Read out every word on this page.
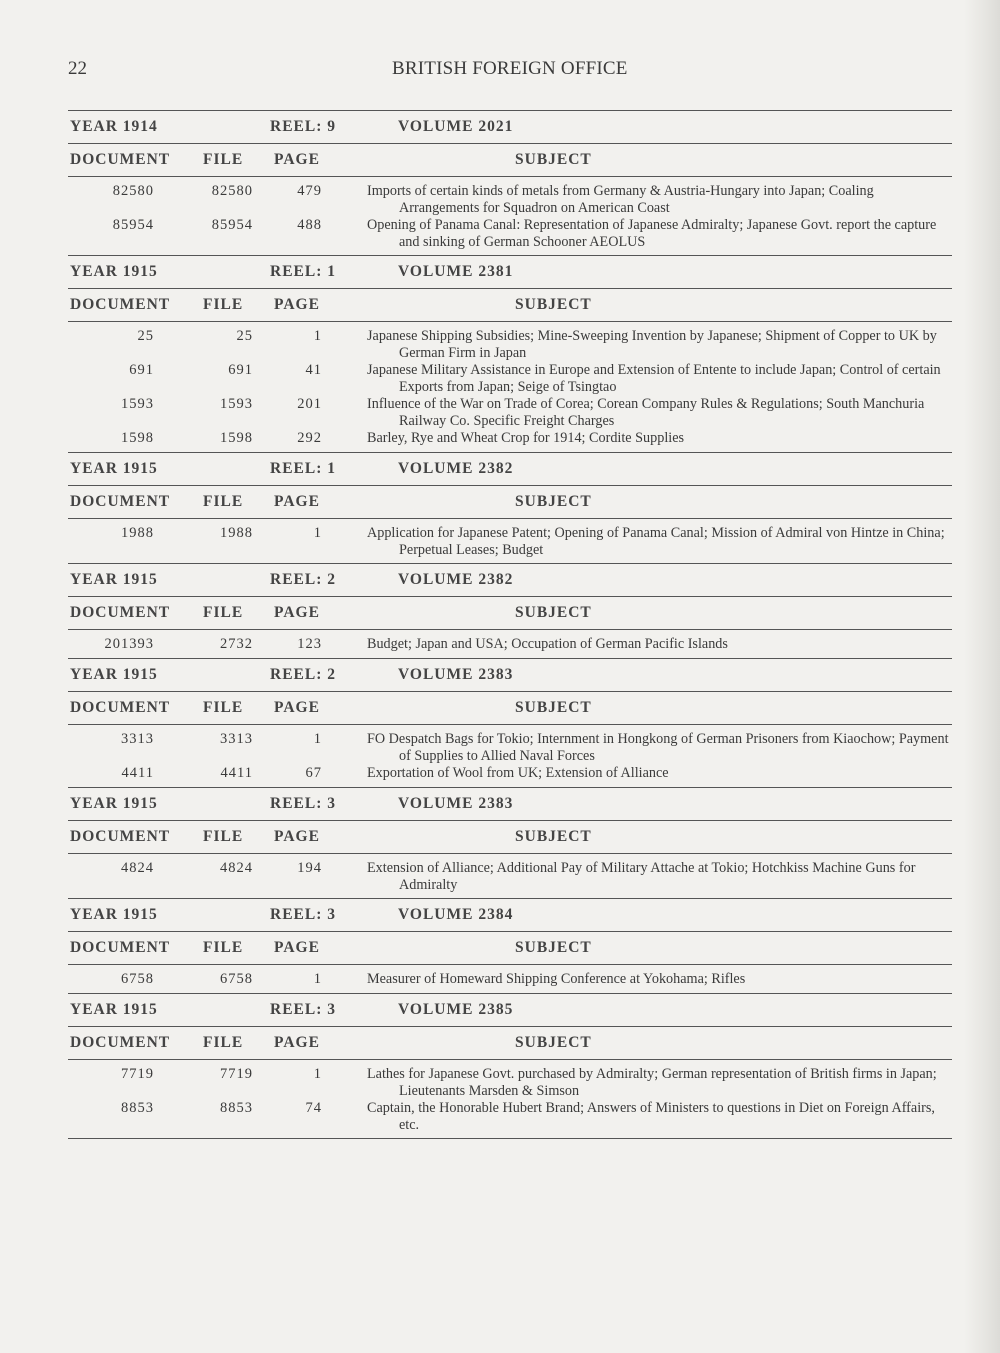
22	BRITISH FOREIGN OFFICE
YEAR 1914	REEL: 9	VOLUME 2021
DOCUMENT FILE PAGE	SUBJECT
82580	82580	479	Imports of certain kinds of metals from Germany & Austria-Hungary into Japan; Coaling Arrangements for Squadron on American Coast
85954	85954	488	Opening of Panama Canal: Representation of Japanese Admiralty; Japanese Govt. report the capture and sinking of German Schooner AEOLUS
YEAR 1915	REEL: 1	VOLUME 2381
DOCUMENT FILE PAGE	SUBJECT
25	25	1	Japanese Shipping Subsidies; Mine-Sweeping Invention by Japanese; Shipment of Copper to UK by German Firm in Japan
691	691	41	Japanese Military Assistance in Europe and Extension of Entente to include Japan; Control of certain Exports from Japan; Seige of Tsingtao
1593	1593	201	Influence of the War on Trade of Corea; Corean Company Rules & Regulations; South Manchuria Railway Co. Specific Freight Charges
1598	1598	292	Barley, Rye and Wheat Crop for 1914; Cordite Supplies
YEAR 1915	REEL: 1	VOLUME 2382
DOCUMENT FILE PAGE	SUBJECT
1988	1988	1	Application for Japanese Patent; Opening of Panama Canal; Mission of Admiral von Hintze in China; Perpetual Leases; Budget
YEAR 1915	REEL: 2	VOLUME 2382
DOCUMENT FILE PAGE	SUBJECT
201393	2732	123	Budget; Japan and USA; Occupation of German Pacific Islands
YEAR 1915	REEL: 2	VOLUME 2383
DOCUMENT FILE PAGE	SUBJECT
3313	3313	1	FO Despatch Bags for Tokio; Internment in Hongkong of German Prisoners from Kiaochow; Payment of Supplies to Allied Naval Forces
4411	4411	67	Exportation of Wool from UK; Extension of Alliance
YEAR 1915	REEL: 3	VOLUME 2383
DOCUMENT FILE PAGE	SUBJECT
4824	4824	194	Extension of Alliance; Additional Pay of Military Attache at Tokio; Hotchkiss Machine Guns for Admiralty
YEAR 1915	REEL: 3	VOLUME 2384
DOCUMENT FILE PAGE	SUBJECT
6758	6758	1	Measurer of Homeward Shipping Conference at Yokohama; Rifles
YEAR 1915	REEL: 3	VOLUME 2385
DOCUMENT FILE PAGE	SUBJECT
7719	7719	1	Lathes for Japanese Govt. purchased by Admiralty; German representation of British firms in Japan; Lieutenants Marsden & Simson
8853	8853	74	Captain, the Honorable Hubert Brand; Answers of Ministers to questions in Diet on Foreign Affairs, etc.
